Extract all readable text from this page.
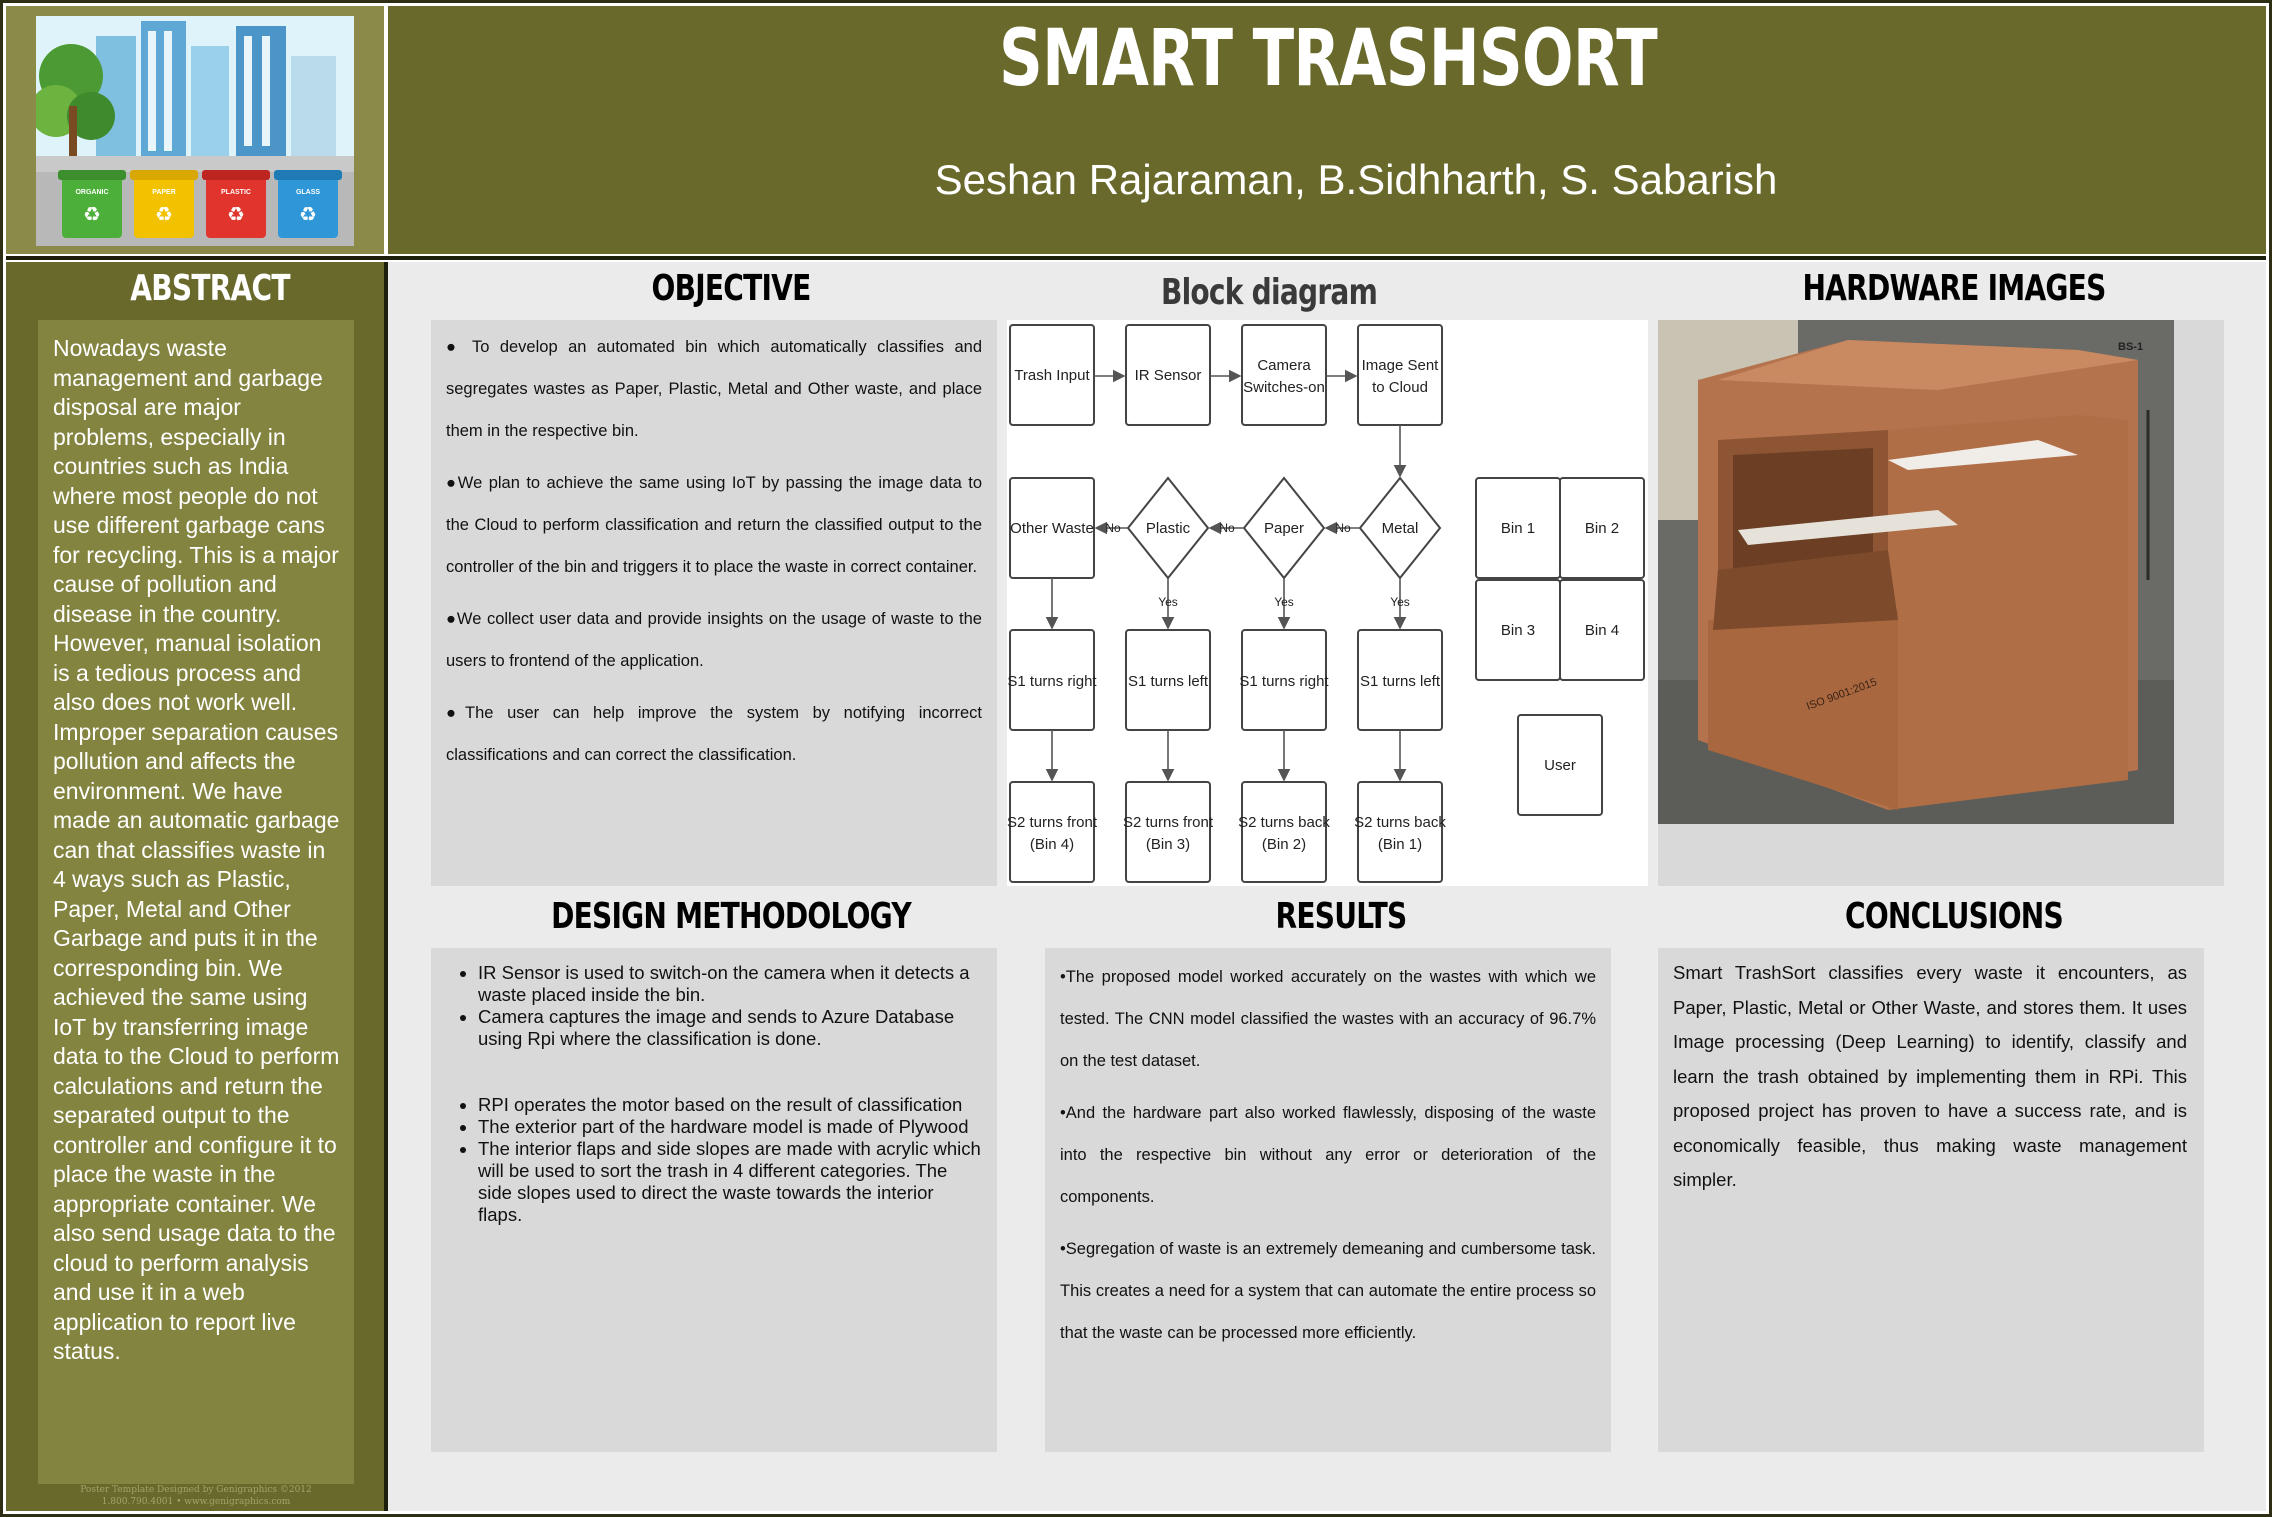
ORGANIC	PAPER	PLASTIC	GLASS
♻	♻	♻	♻
SMART TRASHSORT
Seshan Rajaraman, B.Sidhharth, S. Sabarish
ABSTRACT
Nowadays waste management and garbage disposal are major problems, especially in countries such as India where most people do not use different garbage cans for recycling. This is a major cause of pollution and disease in the country. However, manual isolation is a tedious process and also does not work well. Improper separation causes pollution and affects the environment. We have made an automatic garbage can that classifies waste in 4 ways such as Plastic, Paper, Metal and Other Garbage and puts it in the corresponding bin. We achieved the same using IoT by transferring image data to the Cloud to perform calculations and return the separated output to the controller and configure it to place the waste in the appropriate container. We also send usage data to the cloud to perform analysis and use it in a web application to report live status.
Poster Template Designed by Genigraphics ©2012
1.800.790.4001 • www.genigraphics.com
OBJECTIVE

● To develop an automated bin which automatically classifies and segregates wastes as Paper, Plastic, Metal and Other waste, and place them in the respective bin.

●We plan to achieve the same using IoT by passing the image data to the Cloud to perform classification and return the classified output to the controller of the bin and triggers it to place the waste in correct container.

●We collect user data and provide insights on the usage of waste to the users to frontend of the application.

●The user can help improve the system by notifying incorrect classifications and can correct the classification.

Block diagram
Trash Input	IR Sensor
Camera Switches-on
Image Sent to Cloud
Other Waste	Plastic	Paper	Metal
No	No	No
Yes	Yes	Yes
S1 turns right S1 turns left S1 turns right S1 turns left
S2 turns front (Bin 4)
S2 turns front (Bin 3)
S2 turns back (Bin 2)
S2 turns back (Bin 1)
Bin 1	Bin 2
Bin 3	Bin 4
User
HARDWARE IMAGES
BS-1
ISO 9001:2015
DESIGN METHODOLOGY
• IR Sensor is used to switch-on the camera when it detects a waste placed inside the bin.
• Camera captures the image and sends to Azure Database using Rpi where the classification is done.
• RPI operates the motor based on the result of classification
• The exterior part of the hardware model is made of Plywood
• The interior flaps and side slopes are made with acrylic which will be used to sort the trash in 4 different categories. The side slopes used to direct the waste towards the interior flaps.
RESULTS

•The proposed model worked accurately on the wastes with which we tested. The CNN model classified the wastes with an accuracy of 96.7% on the test dataset.

•And the hardware part also worked flawlessly, disposing of the waste into the respective bin without any error or deterioration of the components.

•Segregation of waste is an extremely demeaning and cumbersome task. This creates a need for a system that can automate the entire process so that the waste can be processed more efficiently.

CONCLUSIONS
Smart TrashSort classifies every waste it encounters, as Paper, Plastic, Metal or Other Waste, and stores them. It uses Image processing (Deep Learning) to identify, classify and learn the trash obtained by implementing them in RPi. This proposed project has proven to have a success rate, and is economically feasible, thus making waste management simpler.
